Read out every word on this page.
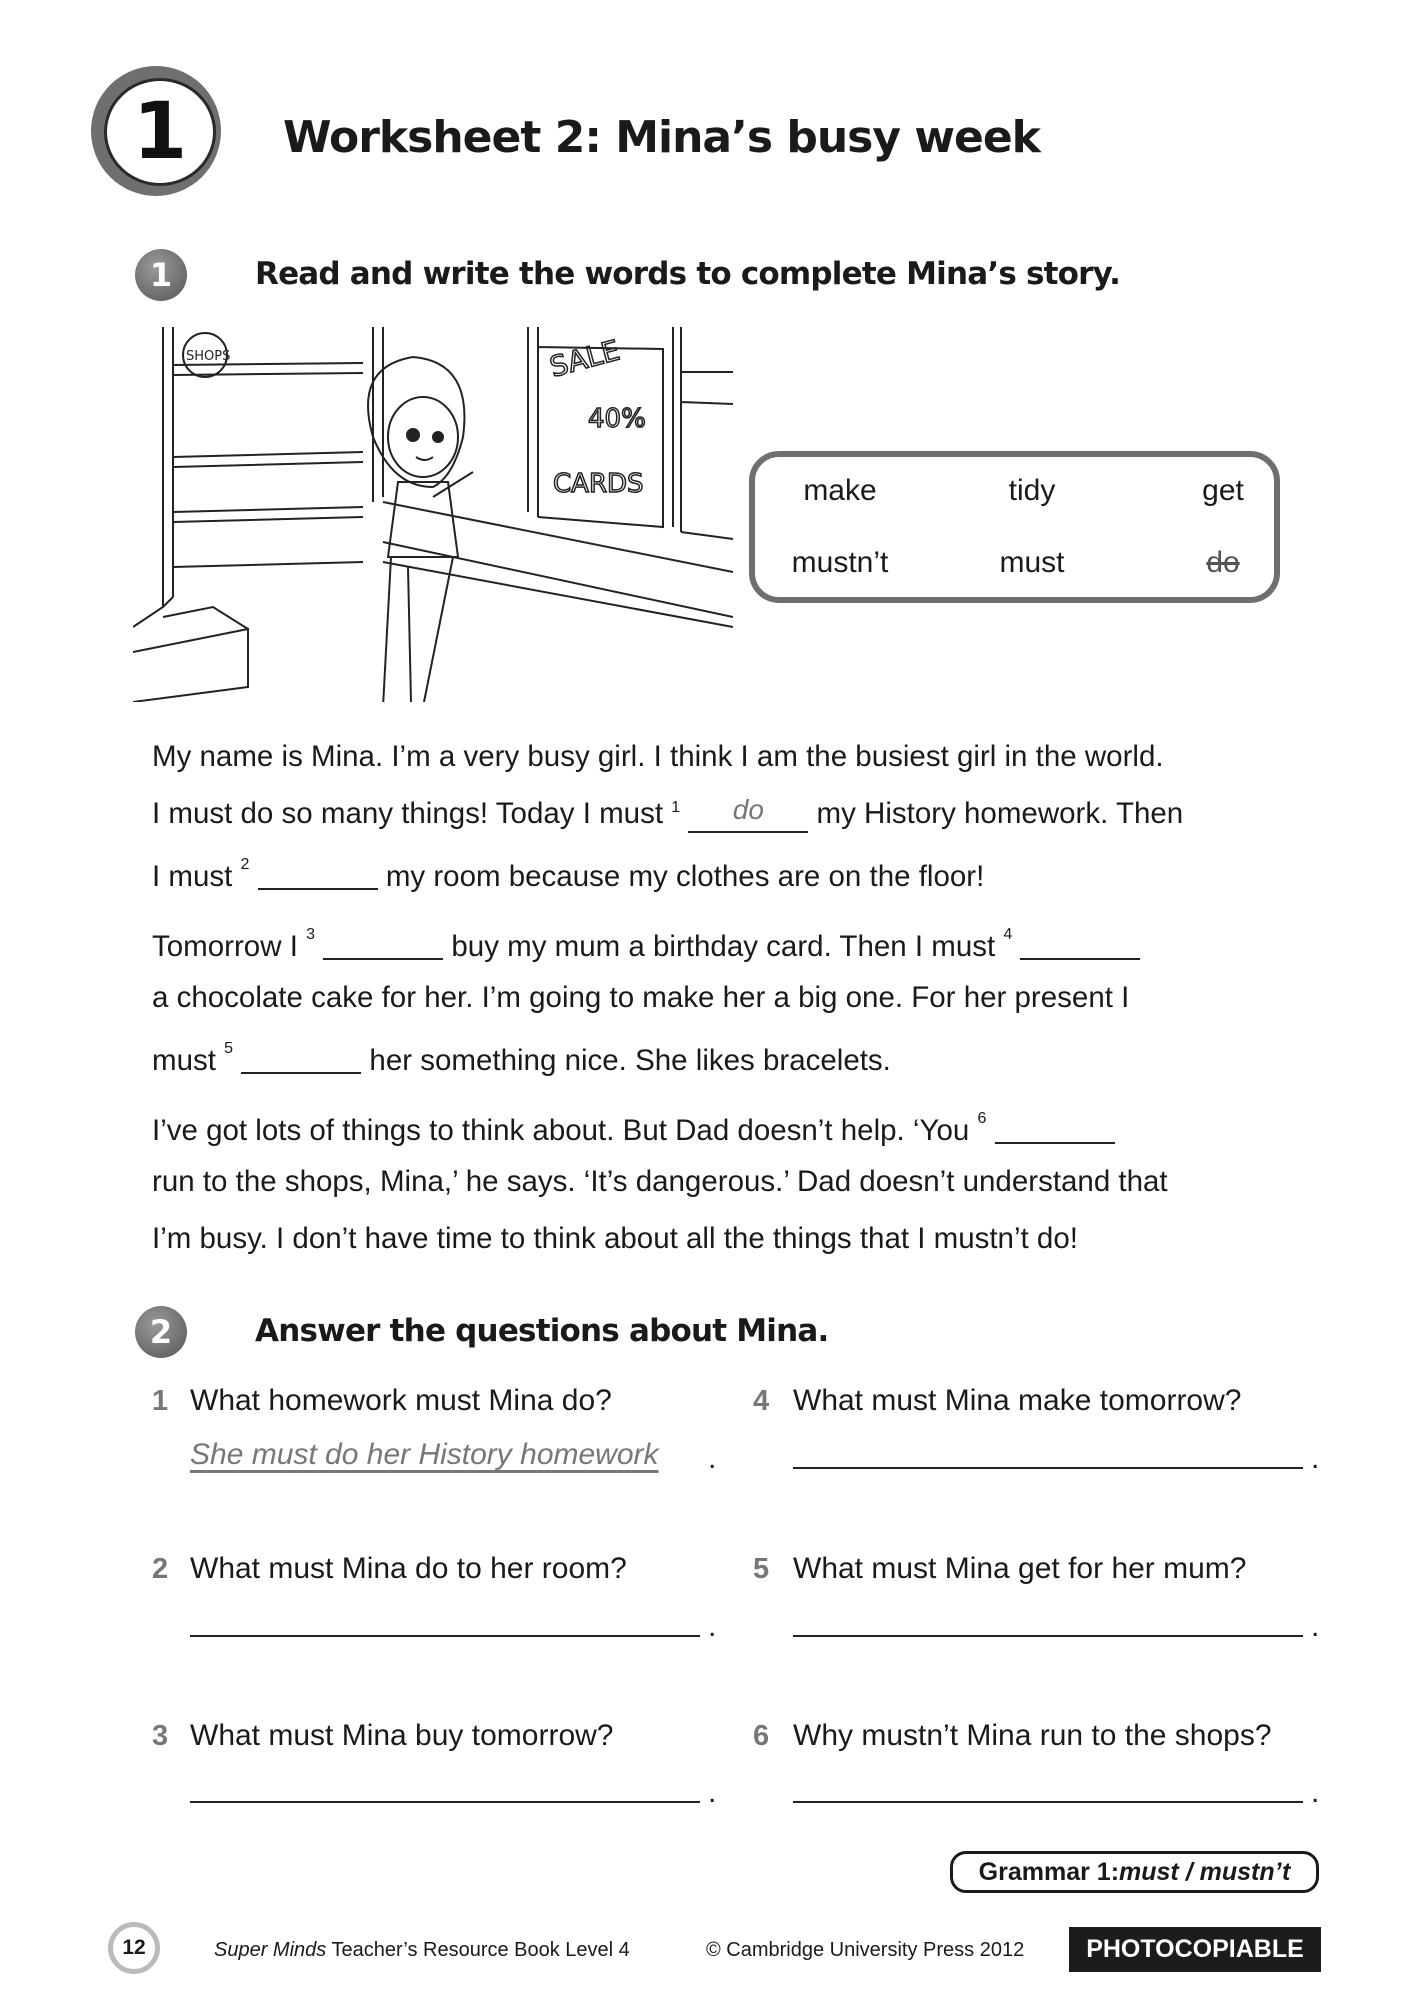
1	Worksheet 2: Mina’s busy week
1	Read and write the words to complete Mina’s story.
SHOPS	SALE
40%
CARDS	make	tidy	get
mustn’t	must	do
My name is Mina. I’m a very busy girl. I think I am the busiest girl in the world.
I must do so many things! Today I must $^1$ do my History homework. Then
I must $^2$	my room because my clothes are on the floor!
Tomorrow I $^3$	buy my mum a birthday card. Then I must $^4$
a chocolate cake for her. I’m going to make her a big one. For her present I
must $^5$	her something nice. She likes bracelets.
I’ve got lots of things to think about. But Dad doesn’t help. ‘You $^6$
run to the shops, Mina,’ he says. ‘It’s dangerous.’ Dad doesn’t understand that
I’m busy. I don’t have time to think about all the things that I mustn’t do!
2	Answer the questions about Mina.
1 What homework must Mina do?
She must do her History homework .
2 What must Mina do to her room?
.
3 What must Mina buy tomorrow?
.
4 What must Mina make tomorrow?
.
5 What must Mina get for her mum?
.
6 Why mustn’t Mina run to the shops?
.
Grammar 1: must / mustn’t
12	Super Minds Teacher’s Resource Book Level 4	© Cambridge University Press 2012	PHOTOCOPIABLE
